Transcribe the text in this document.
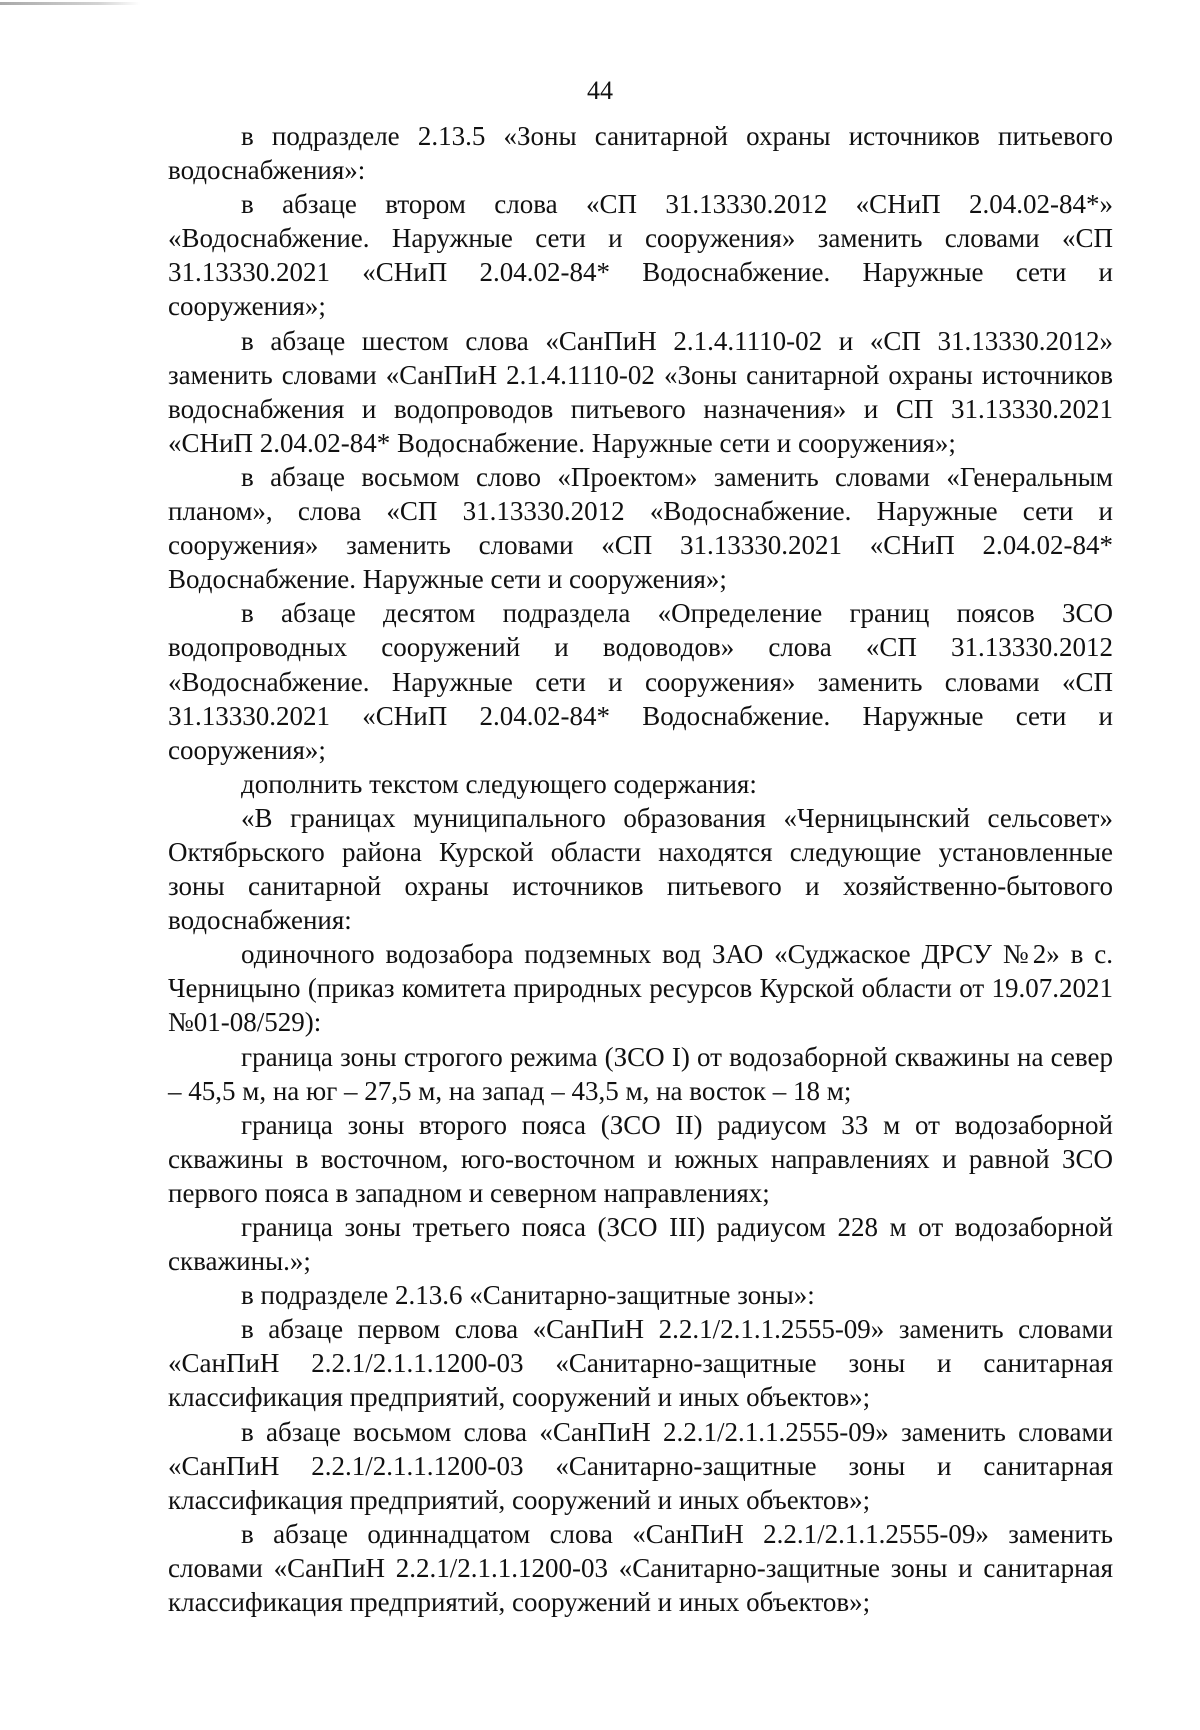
44

в подразделе 2.13.5 «Зоны санитарной охраны источников питьевого водоснабжения»:

в абзаце втором слова «СП 31.13330.2012 «СНиП 2.04.02-84*» «Водоснабжение. Наружные сети и сооружения» заменить словами «СП 31.13330.2021 «СНиП 2.04.02-84* Водоснабжение. Наружные сети и сооружения»;

в абзаце шестом слова «СанПиН 2.1.4.1110-02 и «СП 31.13330.2012» заменить словами «СанПиН 2.1.4.1110-02 «Зоны санитарной охраны источников водоснабжения и водопроводов питьевого назначения» и СП 31.13330.2021 «СНиП 2.04.02-84* Водоснабжение. Наружные сети и сооружения»;

в абзаце восьмом слово «Проектом» заменить словами «Генеральным планом», слова «СП 31.13330.2012 «Водоснабжение. Наружные сети и сооружения» заменить словами «СП 31.13330.2021 «СНиП 2.04.02-84* Водоснабжение. Наружные сети и сооружения»;

в абзаце десятом подраздела «Определение границ поясов ЗСО водопроводных сооружений и водоводов» слова «СП 31.13330.2012 «Водоснабжение. Наружные сети и сооружения» заменить словами «СП 31.13330.2021 «СНиП 2.04.02-84* Водоснабжение. Наружные сети и сооружения»;

дополнить текстом следующего содержания:

«В границах муниципального образования «Черницынский сельсовет» Октябрьского района Курской области находятся следующие установленные зоны санитарной охраны источников питьевого и хозяйственно-бытового водоснабжения:

одиночного водозабора подземных вод ЗАО «Суджаское ДРСУ №2» в с. Черницыно (приказ комитета природных ресурсов Курской области от 19.07.2021 №01-08/529):

граница зоны строгого режима (ЗСО I) от водозаборной скважины на север – 45,5 м, на юг – 27,5 м, на запад – 43,5 м, на восток – 18 м;

граница зоны второго пояса (ЗСО II) радиусом 33 м от водозаборной скважины в восточном, юго-восточном и южных направлениях и равной ЗСО первого пояса в западном и северном направлениях;

граница зоны третьего пояса (ЗСО III) радиусом 228 м от водозаборной скважины.»;

в подразделе 2.13.6 «Санитарно-защитные зоны»:

в абзаце первом слова «СанПиН 2.2.1/2.1.1.2555-09» заменить словами «СанПиН 2.2.1/2.1.1.1200-03 «Санитарно-защитные зоны и санитарная классификация предприятий, сооружений и иных объектов»;

в абзаце восьмом слова «СанПиН 2.2.1/2.1.1.2555-09» заменить словами «СанПиН 2.2.1/2.1.1.1200-03 «Санитарно-защитные зоны и санитарная классификация предприятий, сооружений и иных объектов»;

в абзаце одиннадцатом слова «СанПиН 2.2.1/2.1.1.2555-09» заменить словами «СанПиН 2.2.1/2.1.1.1200-03 «Санитарно-защитные зоны и санитарная классификация предприятий, сооружений и иных объектов»;
